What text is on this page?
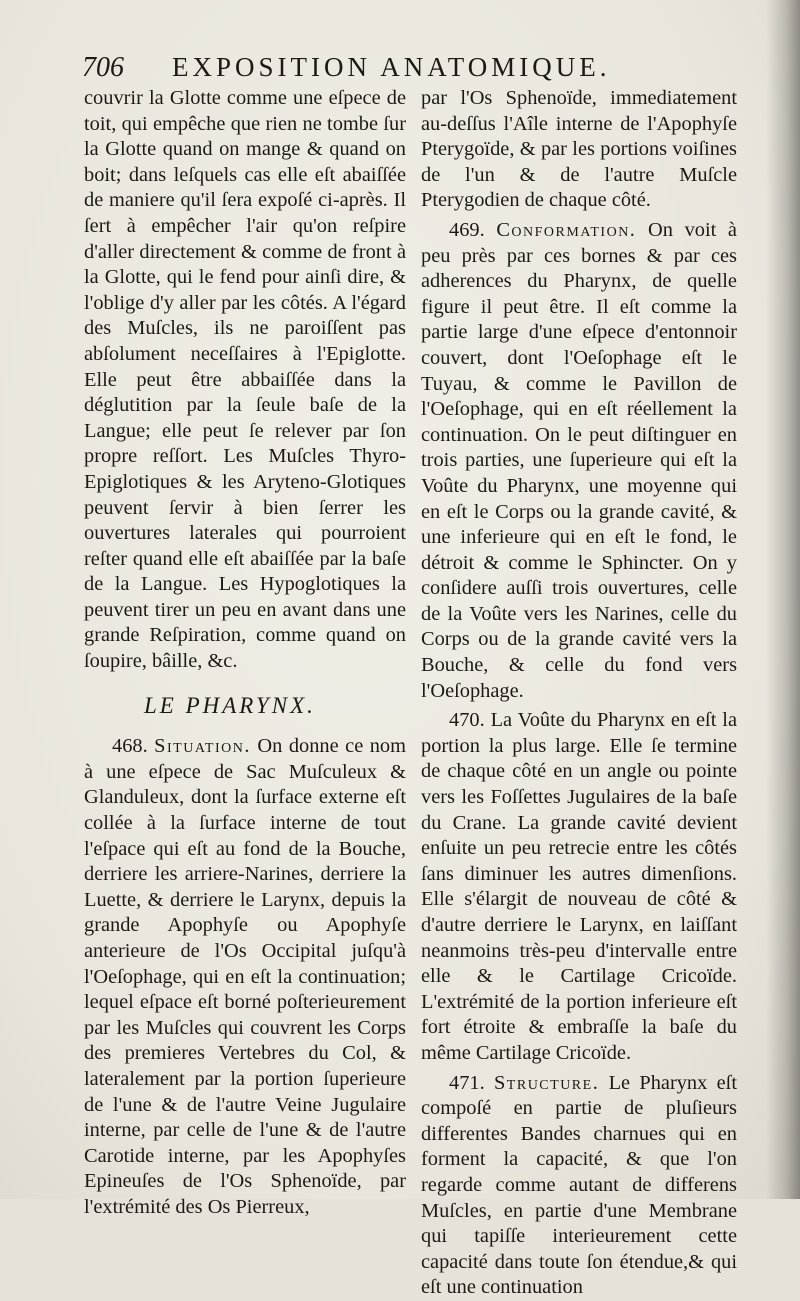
706 EXPOSITION ANATOMIQUE.

couvrir la Glotte comme une eſpece de toit, qui empêche que rien ne tombe ſur la Glotte quand on mange & quand on boit; dans leſquels cas elle eſt abaiſſée de maniere qu'il ſera expoſé ci-après. Il ſert à empêcher l'air qu'on reſpire d'aller directement & comme de front à la Glotte, qui le fend pour ainſi dire, & l'oblige d'y aller par les côtés. A l'égard des Muſcles, ils ne paroiſſent pas abſolument neceſſaires à l'Epiglotte. Elle peut être abbaiſſée dans la déglutition par la ſeule baſe de la Langue; elle peut ſe relever par ſon propre reſſort. Les Muſcles Thyro-Epiglotiques & les Aryteno-Glotiques peuvent ſervir à bien ſerrer les ouvertures laterales qui pourroient reſter quand elle eſt abaiſſée par la baſe de la Langue. Les Hypoglotiques la peuvent tirer un peu en avant dans une grande Reſpiration, comme quand on ſoupire, bâille, &c.

LE PHARYNX.

468. Situation. On donne ce nom à une eſpece de Sac Muſculeux & Glanduleux, dont la ſurface externe eſt collée à la ſurface interne de tout l'eſpace qui eſt au fond de la Bouche, derriere les arriere-Narines, derriere la Luette, & derriere le Larynx, depuis la grande Apophyſe ou Apophyſe anterieure de l'Os Occipital juſqu'à l'Oeſophage, qui en eſt la continuation; lequel eſpace eſt borné poſterieurement par les Muſcles qui couvrent les Corps des premieres Vertebres du Col, & lateralement par la portion ſuperieure de l'une & de l'autre Veine Jugulaire interne, par celle de l'une & de l'autre Carotide interne, par les Apophyſes Epineuſes de l'Os Sphenoïde, par l'extrémité des Os Pierreux,

par l'Os Sphenoïde, immediatement au-deſſus l'Aîle interne de l'Apophyſe Pterygoïde, & par les portions voiſines de l'un & de l'autre Muſcle Pterygodien de chaque côté.

469. Conformation. On voit à peu près par ces bornes & par ces adherences du Pharynx, de quelle figure il peut être. Il eſt comme la partie large d'une eſpece d'entonnoir couvert, dont l'Oeſophage eſt le Tuyau, & comme le Pavillon de l'Oeſophage, qui en eſt réellement la continuation. On le peut diſtinguer en trois parties, une ſuperieure qui eſt la Voûte du Pharynx, une moyenne qui en eſt le Corps ou la grande cavité, & une inferieure qui en eſt le fond, le détroit & comme le Sphincter. On y conſidere auſſi trois ouvertures, celle de la Voûte vers les Narines, celle du Corps ou de la grande cavité vers la Bouche, & celle du fond vers l'Oeſophage.

470. La Voûte du Pharynx en eſt la portion la plus large. Elle ſe termine de chaque côté en un angle ou pointe vers les Foſſettes Jugulaires de la baſe du Crane. La grande cavité devient enſuite un peu retrecie entre les côtés ſans diminuer les autres dimenſions. Elle s'élargit de nouveau de côté & d'autre derriere le Larynx, en laiſſant neanmoins très-peu d'intervalle entre elle & le Cartilage Cricoïde. L'extrémité de la portion inferieure eſt fort étroite & embraſſe la baſe du même Cartilage Cricoïde.

471. Structure. Le Pharynx eſt compoſé en partie de pluſieurs differentes Bandes charnues qui en forment la capacité, & que l'on regarde comme autant de differens Muſcles, en partie d'une Membrane qui tapiſſe interieurement cette capacité dans toute ſon étendue,& qui eſt une continuation
